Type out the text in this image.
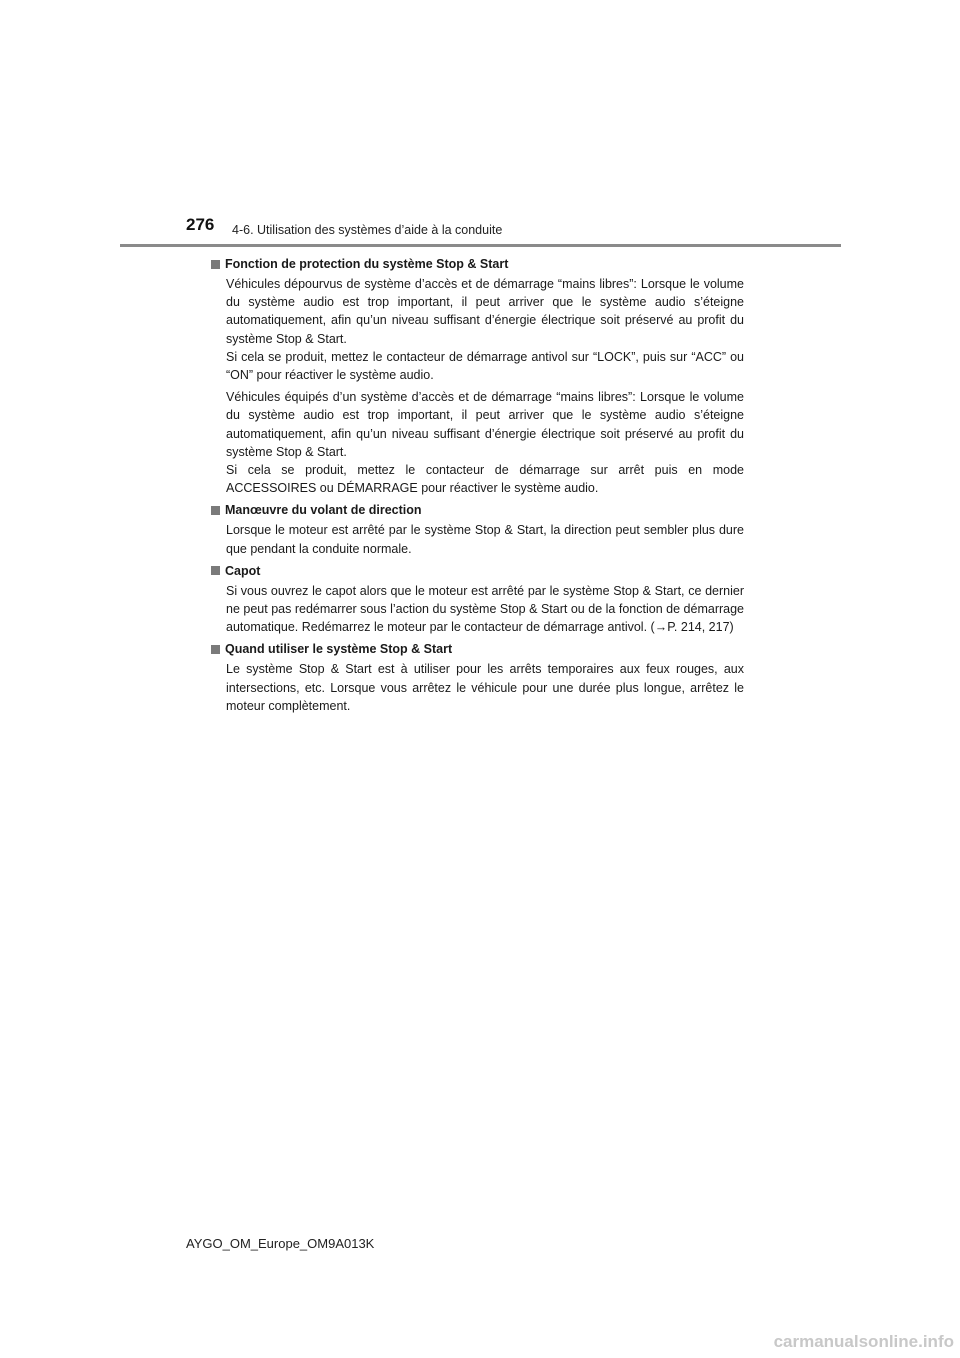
276 4-6. Utilisation des systèmes d’aide à la conduite
Fonction de protection du système Stop & Start
Véhicules dépourvus de système d’accès et de démarrage “mains libres”: Lorsque le volume du système audio est trop important, il peut arriver que le système audio s’éteigne automatiquement, afin qu’un niveau suffisant d’énergie électrique soit préservé au profit du système Stop & Start.
Si cela se produit, mettez le contacteur de démarrage antivol sur “LOCK”, puis sur “ACC” ou “ON” pour réactiver le système audio.
Véhicules équipés d’un système d’accès et de démarrage “mains libres”: Lorsque le volume du système audio est trop important, il peut arriver que le système audio s’éteigne automatiquement, afin qu’un niveau suffisant d’énergie électrique soit préservé au profit du système Stop & Start.
Si cela se produit, mettez le contacteur de démarrage sur arrêt puis en mode ACCESSOIRES ou DÉMARRAGE pour réactiver le système audio.
Manœuvre du volant de direction
Lorsque le moteur est arrêté par le système Stop & Start, la direction peut sembler plus dure que pendant la conduite normale.
Capot
Si vous ouvrez le capot alors que le moteur est arrêté par le système Stop & Start, ce dernier ne peut pas redémarrer sous l’action du système Stop & Start ou de la fonction de démarrage automatique. Redémarrez le moteur par le contacteur de démarrage antivol. (→P. 214, 217)
Quand utiliser le système Stop & Start
Le système Stop & Start est à utiliser pour les arrêts temporaires aux feux rouges, aux intersections, etc. Lorsque vous arrêtez le véhicule pour une durée plus longue, arrêtez le moteur complètement.
AYGO_OM_Europe_OM9A013K
carmanualsonline.info
